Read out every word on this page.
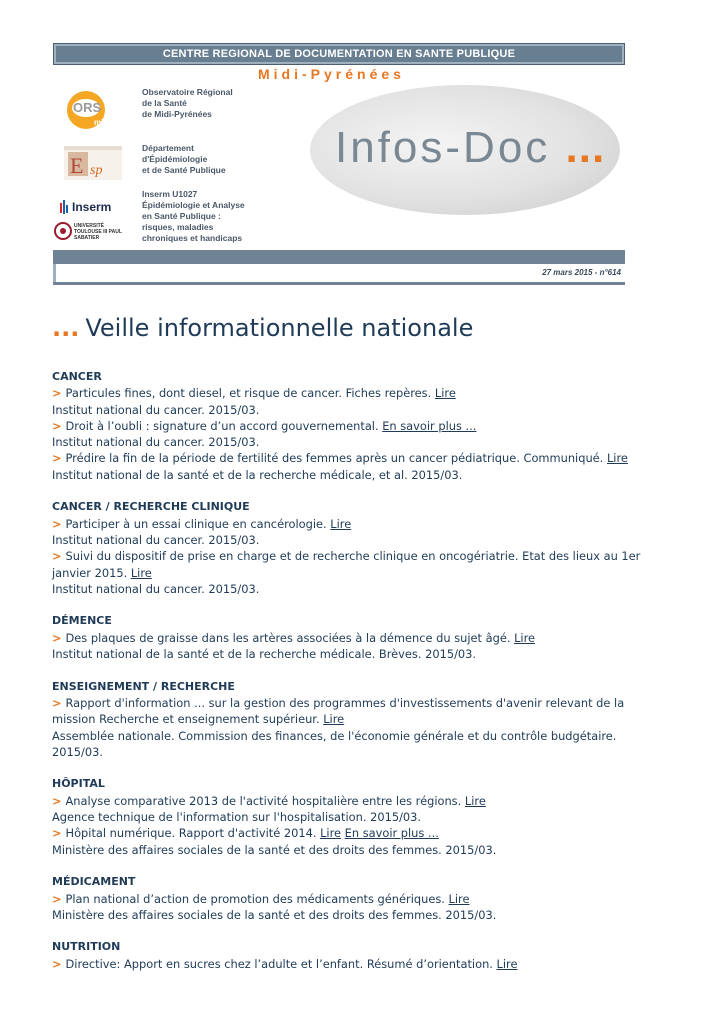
CENTRE REGIONAL DE DOCUMENTATION EN SANTE PUBLIQUE
Midi-Pyrénées
ORS
mip
E sp
Inserm
UNIVERSITÉ TOULOUSE III PAUL SABATIER
Observatoire Régional
de la Santé
de Midi-Pyrénées
Département
d'Épidémiologie
et de Santé Publique
Inserm U1027
Épidémiologie et Analyse
en Santé Publique :
risques, maladies
chroniques et handicaps
Infos-Doc ...
27 mars 2015 - n°614
... Veille informationnelle nationale
CANCER
> Particules fines, dont diesel, et risque de cancer. Fiches repères. Lire
Institut national du cancer. 2015/03.
> Droit à l’oubli : signature d’un accord gouvernemental. En savoir plus ...
Institut national du cancer. 2015/03.
> Prédire la fin de la période de fertilité des femmes après un cancer pédiatrique. Communiqué. Lire
Institut national de la santé et de la recherche médicale, et al. 2015/03.
CANCER / RECHERCHE CLINIQUE
> Participer à un essai clinique en cancérologie. Lire
Institut national du cancer. 2015/03.
> Suivi du dispositif de prise en charge et de recherche clinique en oncogériatrie. Etat des lieux au 1er janvier 2015. Lire
Institut national du cancer. 2015/03.
DÉMENCE
> Des plaques de graisse dans les artères associées à la démence du sujet âgé. Lire
Institut national de la santé et de la recherche médicale. Brèves. 2015/03.
ENSEIGNEMENT / RECHERCHE
> Rapport d'information ... sur la gestion des programmes d'investissements d'avenir relevant de la mission Recherche et enseignement supérieur. Lire
Assemblée nationale. Commission des finances, de l'économie générale et du contrôle budgétaire. 2015/03.
HÔPITAL
> Analyse comparative 2013 de l'activité hospitalière entre les régions. Lire
Agence technique de l'information sur l'hospitalisation. 2015/03.
> Hôpital numérique. Rapport d'activité 2014. Lire En savoir plus ...
Ministère des affaires sociales de la santé et des droits des femmes. 2015/03.
MÉDICAMENT
> Plan national d’action de promotion des médicaments génériques. Lire
Ministère des affaires sociales de la santé et des droits des femmes. 2015/03.
NUTRITION
> Directive: Apport en sucres chez l’adulte et l’enfant. Résumé d’orientation. Lire
